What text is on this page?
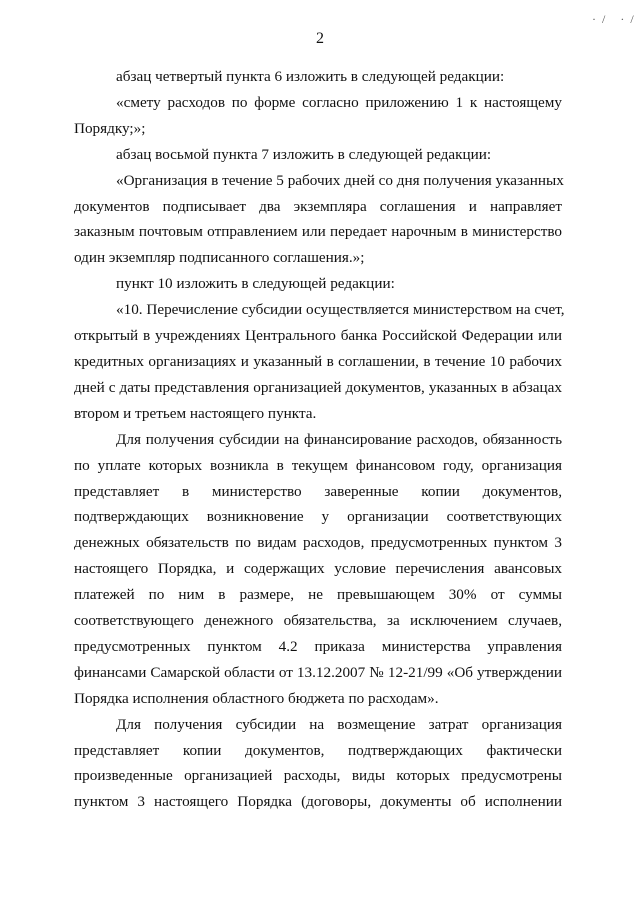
2
·/ ·/
абзац четвертый пункта 6 изложить в следующей редакции:
«смету расходов по форме согласно приложению 1 к настоящему
Порядку;»;
абзац восьмой пункта 7 изложить в следующей редакции:
«Организация в течение 5 рабочих дней со дня получения указанных
документов подписывает два экземпляра соглашения и направляет
заказным почтовым отправлением или передает нарочным в министерство
один экземпляр подписанного соглашения.»;
пункт 10 изложить в следующей редакции:
«10. Перечисление субсидии осуществляется министерством на счет,
открытый в учреждениях Центрального банка Российской Федерации или
кредитных организациях и указанный в соглашении, в течение 10 рабочих
дней с даты представления организацией документов, указанных в абзацах
втором и третьем настоящего пункта.
Для получения субсидии на финансирование расходов, обязанность
по уплате которых возникла в текущем финансовом году, организация
представляет в министерство заверенные копии документов,
подтверждающих возникновение у организации соответствующих
денежных обязательств по видам расходов, предусмотренных пунктом 3
настоящего Порядка, и содержащих условие перечисления авансовых
платежей по ним в размере, не превышающем 30% от суммы
соответствующего денежного обязательства, за исключением случаев,
предусмотренных пунктом 4.2 приказа министерства управления
финансами Самарской области от 13.12.2007 № 12-21/99 «Об утверждении
Порядка исполнения областного бюджета по расходам».
Для получения субсидии на возмещение затрат организация
представляет копии документов, подтверждающих фактически
произведенные организацией расходы, виды которых предусмотрены
пунктом 3 настоящего Порядка (договоры, документы об исполнении
